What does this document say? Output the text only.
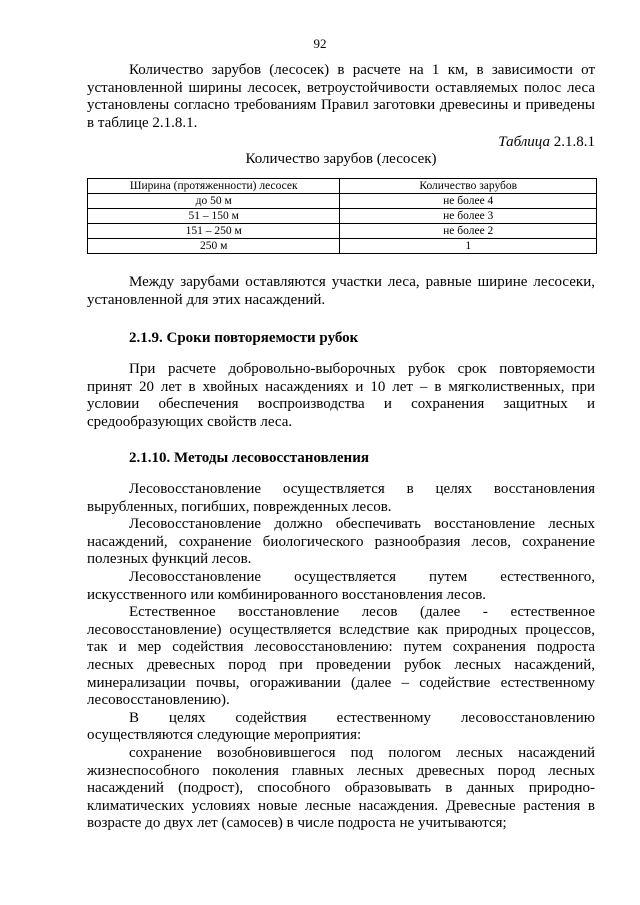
92

Количество зарубов (лесосек) в расчете на 1 км, в зависимости от установленной ширины лесосек, ветроустойчивости оставляемых полос леса установлены согласно требованиям Правил заготовки древесины и приведены в таблице 2.1.8.1.

Таблица 2.1.8.1
Количество зарубов (лесосек)
Ширина (протяженности) лесосек	Количество зарубов
до 50 м	не более 4
51 – 150 м	не более 3
151 – 250 м	не более 2
250 м	1

Между зарубами оставляются участки леса, равные ширине лесосеки, установленной для этих насаждений.

2.1.9. Сроки повторяемости рубок

При расчете добровольно-выборочных рубок срок повторяемости принят 20 лет в хвойных насаждениях и 10 лет – в мягколиственных, при условии обеспечения воспроизводства и сохранения защитных и средообразующих свойств леса.

2.1.10. Методы лесовосстановления

Лесовосстановление осуществляется в целях восстановления вырубленных, погибших, поврежденных лесов.

Лесовосстановление должно обеспечивать восстановление лесных насаждений, сохранение биологического разнообразия лесов, сохранение полезных функций лесов.

Лесовосстановление осуществляется путем естественного, искусственного или комбинированного восстановления лесов.

Естественное восстановление лесов (далее - естественное лесовосстановление) осуществляется вследствие как природных процессов, так и мер содействия лесовосстановлению: путем сохранения подроста лесных древесных пород при проведении рубок лесных насаждений, минерализации почвы, огораживании (далее – содействие естественному лесовосстановлению).

В целях содействия естественному лесовосстановлению осуществляются следующие мероприятия:

сохранение возобновившегося под пологом лесных насаждений жизнеспособного поколения главных лесных древесных пород лесных насаждений (подрост), способного образовывать в данных природно-климатических условиях новые лесные насаждения. Древесные растения в возрасте до двух лет (самосев) в числе подроста не учитываются;
